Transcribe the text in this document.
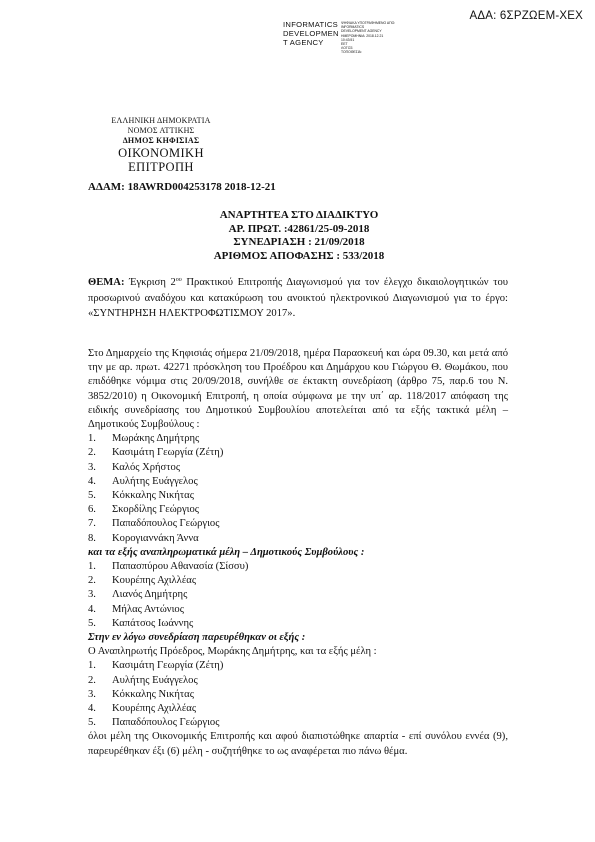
ΑΔΑ: 6ΣΡΖΩΕΜ-ΧΕΧ
INFORMATICS
DEVELOPMEN
T AGENCY
ΨΗΦΙΑΚΑ ΥΠΟΓΡΑΦΗΜΕΝΟ ΑΠΟ:
INFORMATICS
DEVELOPMENT AGENCY
ΗΜΕΡΟΜΗΝΙΑ: 2018.12.21
10:43:51
EET
ΛΟΓΟΣ:
ΤΟΠΟΘΕΣΙΑ:
ΕΛΛΗΝΙΚΗ ΔΗΜΟΚΡΑΤΙΑ
ΝΟΜΟΣ ΑΤΤΙΚΗΣ
ΔΗΜΟΣ ΚΗΦΙΣΙΑΣ
ΟΙΚΟΝΟΜΙΚΗ ΕΠΙΤΡΟΠΗ
ΑΔΑΜ: 18AWRD004253178 2018-12-21
ΑΝΑΡΤΗΤΕΑ ΣΤΟ ΔΙΑΔΙΚΤΥΟ
ΑΡ. ΠΡΩΤ. :42861/25-09-2018
ΣΥΝΕΔΡΙΑΣΗ : 21/09/2018
ΑΡΙΘΜΟΣ ΑΠΟΦΑΣΗΣ : 533/2018
ΘΕΜΑ: Έγκριση $2^{o\upsilon}$ Πρακτικού Επιτροπής Διαγωνισμού για τον έλεγχο δικαιολογητικών του προσωρινού αναδόχου και κατακύρωση του ανοικτού ηλεκτρονικού Διαγωνισμού για το έργο: «ΣΥΝΤΗΡΗΣΗ ΗΛΕΚΤΡΟΦΩΤΙΣΜΟΥ 2017».
Στο Δημαρχείο της Κηφισιάς σήμερα 21/09/2018, ημέρα Παρασκευή και ώρα 09.30, και μετά από την με αρ. πρωτ. 42271 πρόσκληση του Προέδρου και Δημάρχου κου Γιώργου Θ. Θωμάκου, που επιδόθηκε νόμιμα στις 20/09/2018, συνήλθε σε έκτακτη συνεδρίαση (άρθρο 75, παρ.6 του Ν. 3852/2010) η Οικονομική Επιτροπή, η οποία σύμφωνα με την υπ΄ αρ. 118/2017 απόφαση της ειδικής συνεδρίασης του Δημοτικού Συμβουλίου αποτελείται από τα εξής τακτικά μέλη – Δημοτικούς Συμβούλους :
1.	Μωράκης Δημήτρης
2.	Κασιμάτη Γεωργία (Ζέτη)
3.	Καλός Χρήστος
4.	Αυλήτης Ευάγγελος
5.	Κόκκαλης Νικήτας
6.	Σκορδίλης Γεώργιος
7.	Παπαδόπουλος Γεώργιος
8.	Κορογιαννάκη Άννα
και τα εξής αναπληρωματικά μέλη – Δημοτικούς Συμβούλους :
1.	Παπασπύρου Αθανασία (Σίσσυ)
2.	Κουρέπης Αχιλλέας
3.	Λιανός Δημήτρης
4.	Μήλας Αντώνιος
5.	Καπάτσος Ιωάννης
Στην εν λόγω συνεδρίαση παρευρέθηκαν οι εξής :
Ο Αναπληρωτής Πρόεδρος, Μωράκης Δημήτρης, και τα εξής μέλη :
1.	Κασιμάτη Γεωργία (Ζέτη)
2.	Αυλήτης Ευάγγελος
3.	Κόκκαλης Νικήτας
4.	Κουρέπης Αχιλλέας
5.	Παπαδόπουλος Γεώργιος
όλοι μέλη της Οικονομικής Επιτροπής και αφού διαπιστώθηκε απαρτία - επί συνόλου εννέα (9), παρευρέθηκαν έξι (6) μέλη - συζητήθηκε το ως αναφέρεται πιο πάνω θέμα.
